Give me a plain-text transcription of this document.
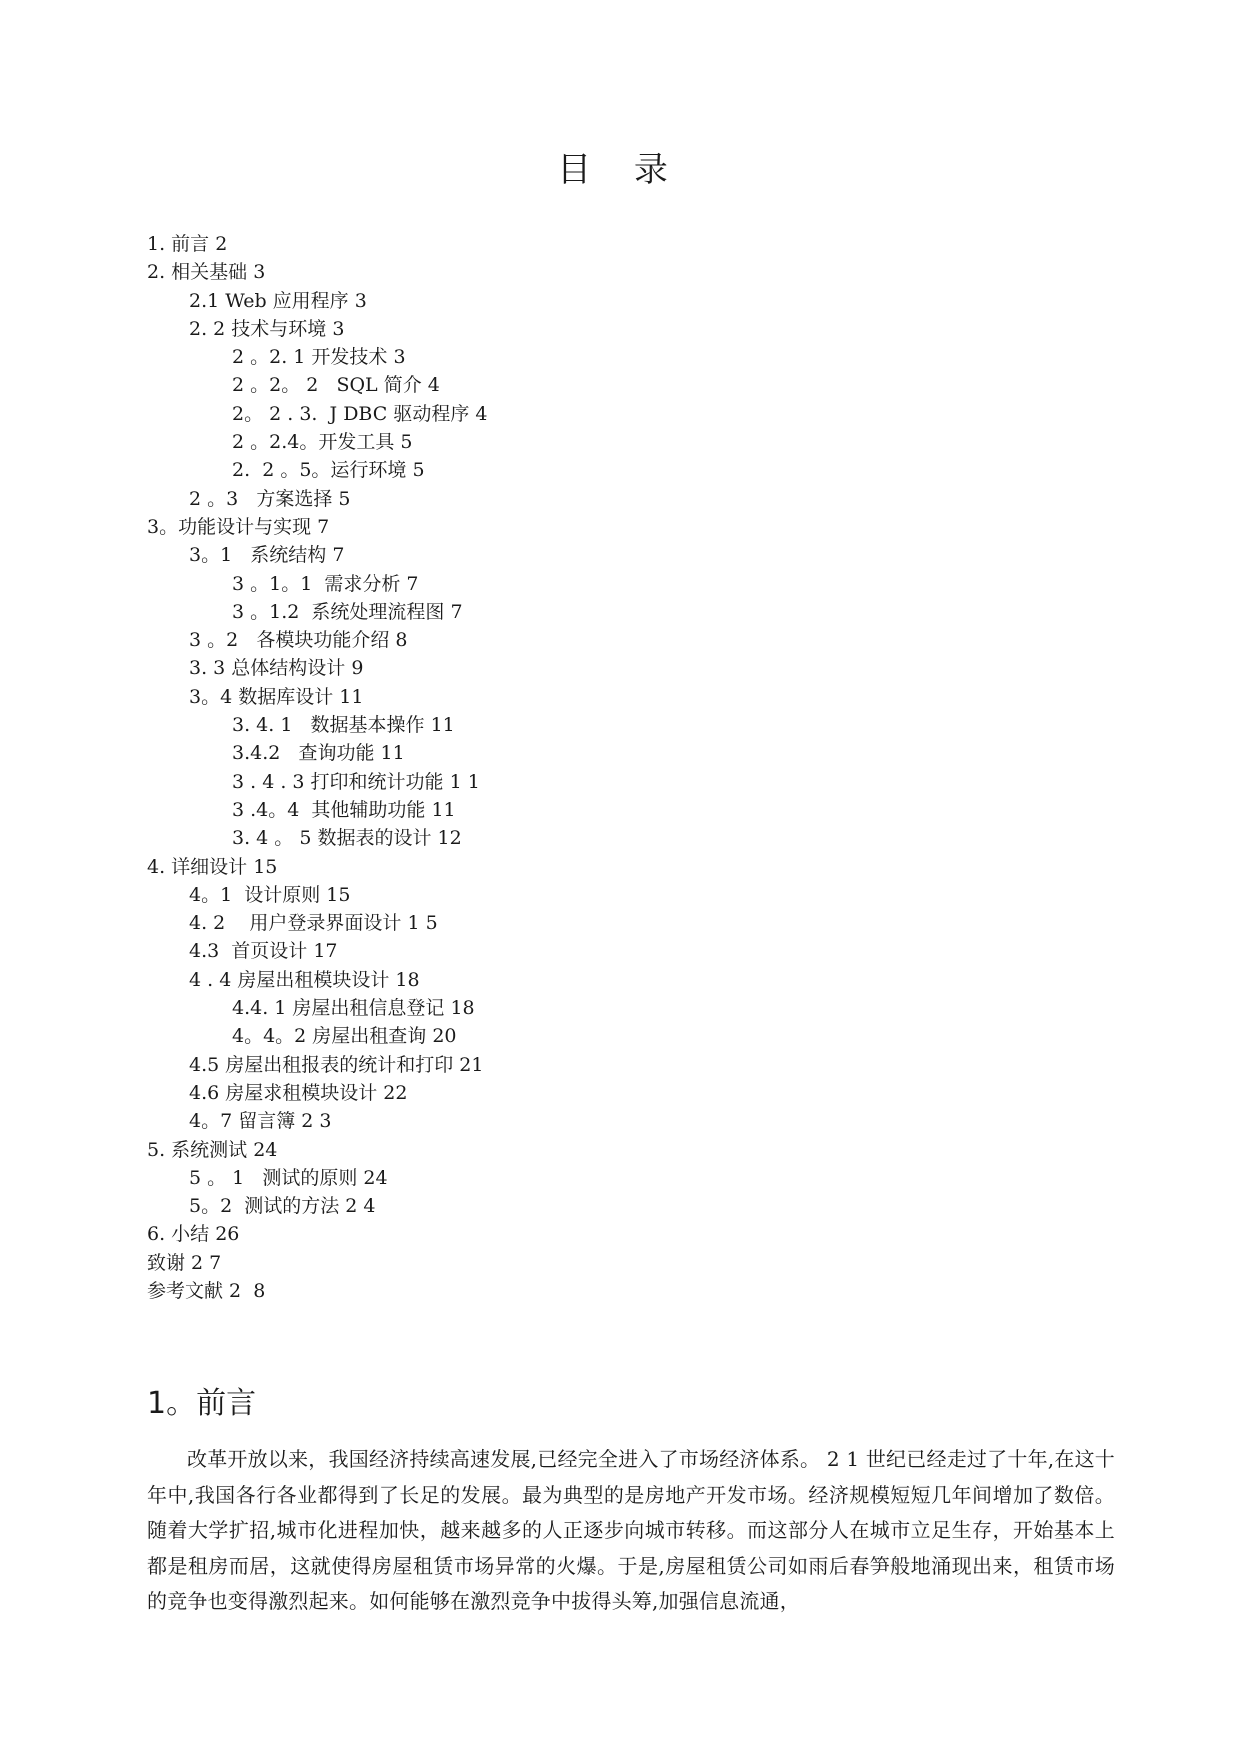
目 录
1. 前言 2
2. 相关基础 3
2.1 Web 应用程序 3
2. 2 技术与环境 3
2 。2. 1 开发技术 3
2 。2。 2   SQL 简介 4
2。 2 . 3.  J DBC 驱动程序 4
2 。2.4。开发工具 5
2.  2 。5。运行环境 5
2 。3   方案选择 5
3。功能设计与实现 7
3。1   系统结构 7
3 。1。1  需求分析 7
3 。1.2  系统处理流程图 7
3 。2   各模块功能介绍 8
3. 3 总体结构设计 9
3。4 数据库设计 11
3. 4. 1   数据基本操作 11
3.4.2   查询功能 11
3 . 4 . 3 打印和统计功能 1 1
3 .4。4  其他辅助功能 11
3. 4 。 5 数据表的设计 12
4. 详细设计 15
4。1  设计原则 15
4. 2    用户登录界面设计 1 5
4.3  首页设计 17
4 . 4 房屋出租模块设计 18
4.4. 1 房屋出租信息登记 18
4。4。2 房屋出租查询 20
4.5 房屋出租报表的统计和打印 21
4.6 房屋求租模块设计 22
4。7 留言簿 2 3
5. 系统测试 24
5 。 1   测试的原则 24
5。2  测试的方法 2 4
6. 小结 26
致谢 2 7
参考文献 2  8
1。前言

改革开放以来，我国经济持续高速发展,已经完全进入了市场经济体系。 2 1 世纪已经走过了十年,在这十年中,我国各行各业都得到了长足的发展。最为典型的是房地产开发市场。经济规模短短几年间增加了数倍。随着大学扩招,城市化进程加快，越来越多的人正逐步向城市转移。而这部分人在城市立足生存，开始基本上都是租房而居，这就使得房屋租赁市场异常的火爆。于是,房屋租赁公司如雨后春笋般地涌现出来，租赁市场的竞争也变得激烈起来。如何能够在激烈竞争中拔得头筹,加强信息流通，
